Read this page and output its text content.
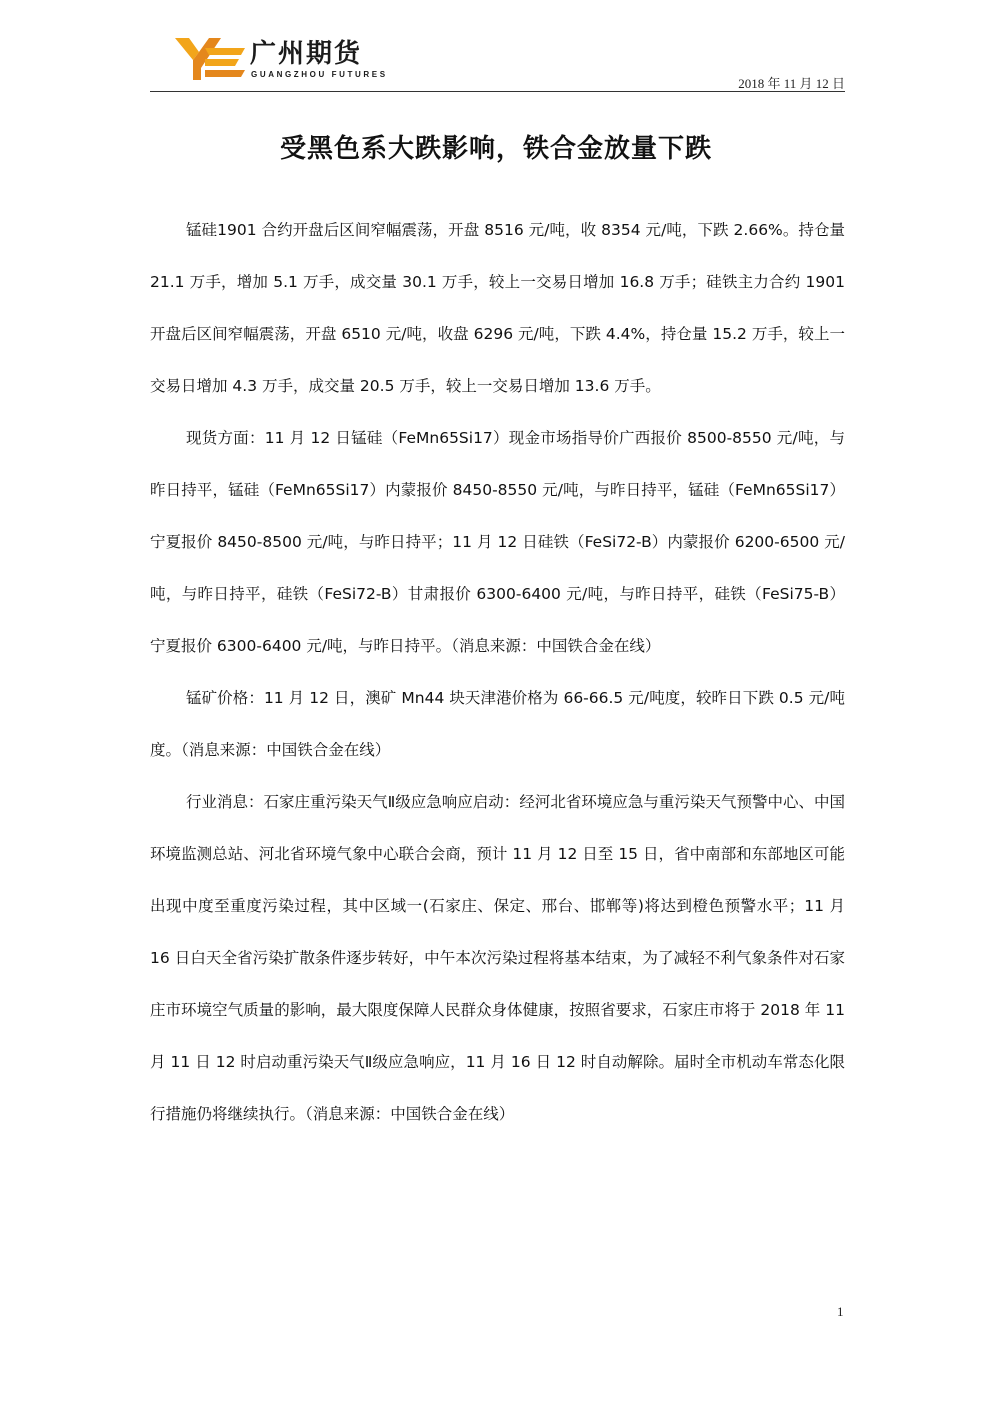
广州期货
GUANGZHOU FUTURES
2018 年 11 月 12 日
受黑色系大跌影响，铁合金放量下跌

锰硅1901 合约开盘后区间窄幅震荡，开盘 8516 元/吨，收 8354 元/吨，下跌 2.66%。持仓量 21.1 万手，增加 5.1 万手，成交量 30.1 万手，较上一交易日增加 16.8 万手；硅铁主力合约 1901 开盘后区间窄幅震荡，开盘 6510 元/吨，收盘 6296 元/吨，下跌 4.4%，持仓量 15.2 万手，较上一交易日增加 4.3 万手，成交量 20.5 万手，较上一交易日增加 13.6 万手。

现货方面：11 月 12 日锰硅（FeMn65Si17）现金市场指导价广西报价 8500-8550 元/吨，与昨日持平，锰硅（FeMn65Si17）内蒙报价 8450-8550 元/吨，与昨日持平，锰硅（FeMn65Si17）宁夏报价 8450-8500 元/吨，与昨日持平；11 月 12 日硅铁（FeSi72-B）内蒙报价 6200-6500 元/吨，与昨日持平，硅铁（FeSi72-B）甘肃报价 6300-6400 元/吨，与昨日持平，硅铁（FeSi75-B）宁夏报价 6300-6400 元/吨，与昨日持平。（消息来源：中国铁合金在线）

锰矿价格：11 月 12 日，澳矿 Mn44 块天津港价格为 66-66.5 元/吨度，较昨日下跌 0.5 元/吨度。（消息来源：中国铁合金在线）

行业消息：石家庄重污染天气Ⅱ级应急响应启动：经河北省环境应急与重污染天气预警中心、中国环境监测总站、河北省环境气象中心联合会商，预计 11 月 12 日至 15 日，省中南部和东部地区可能出现中度至重度污染过程，其中区域一(石家庄、保定、邢台、邯郸等)将达到橙色预警水平；11 月 16 日白天全省污染扩散条件逐步转好，中午本次污染过程将基本结束，为了减轻不利气象条件对石家庄市环境空气质量的影响，最大限度保障人民群众身体健康，按照省要求，石家庄市将于 2018 年 11 月 11 日 12 时启动重污染天气Ⅱ级应急响应，11 月 16 日 12 时自动解除。届时全市机动车常态化限行措施仍将继续执行。（消息来源：中国铁合金在线）

1
